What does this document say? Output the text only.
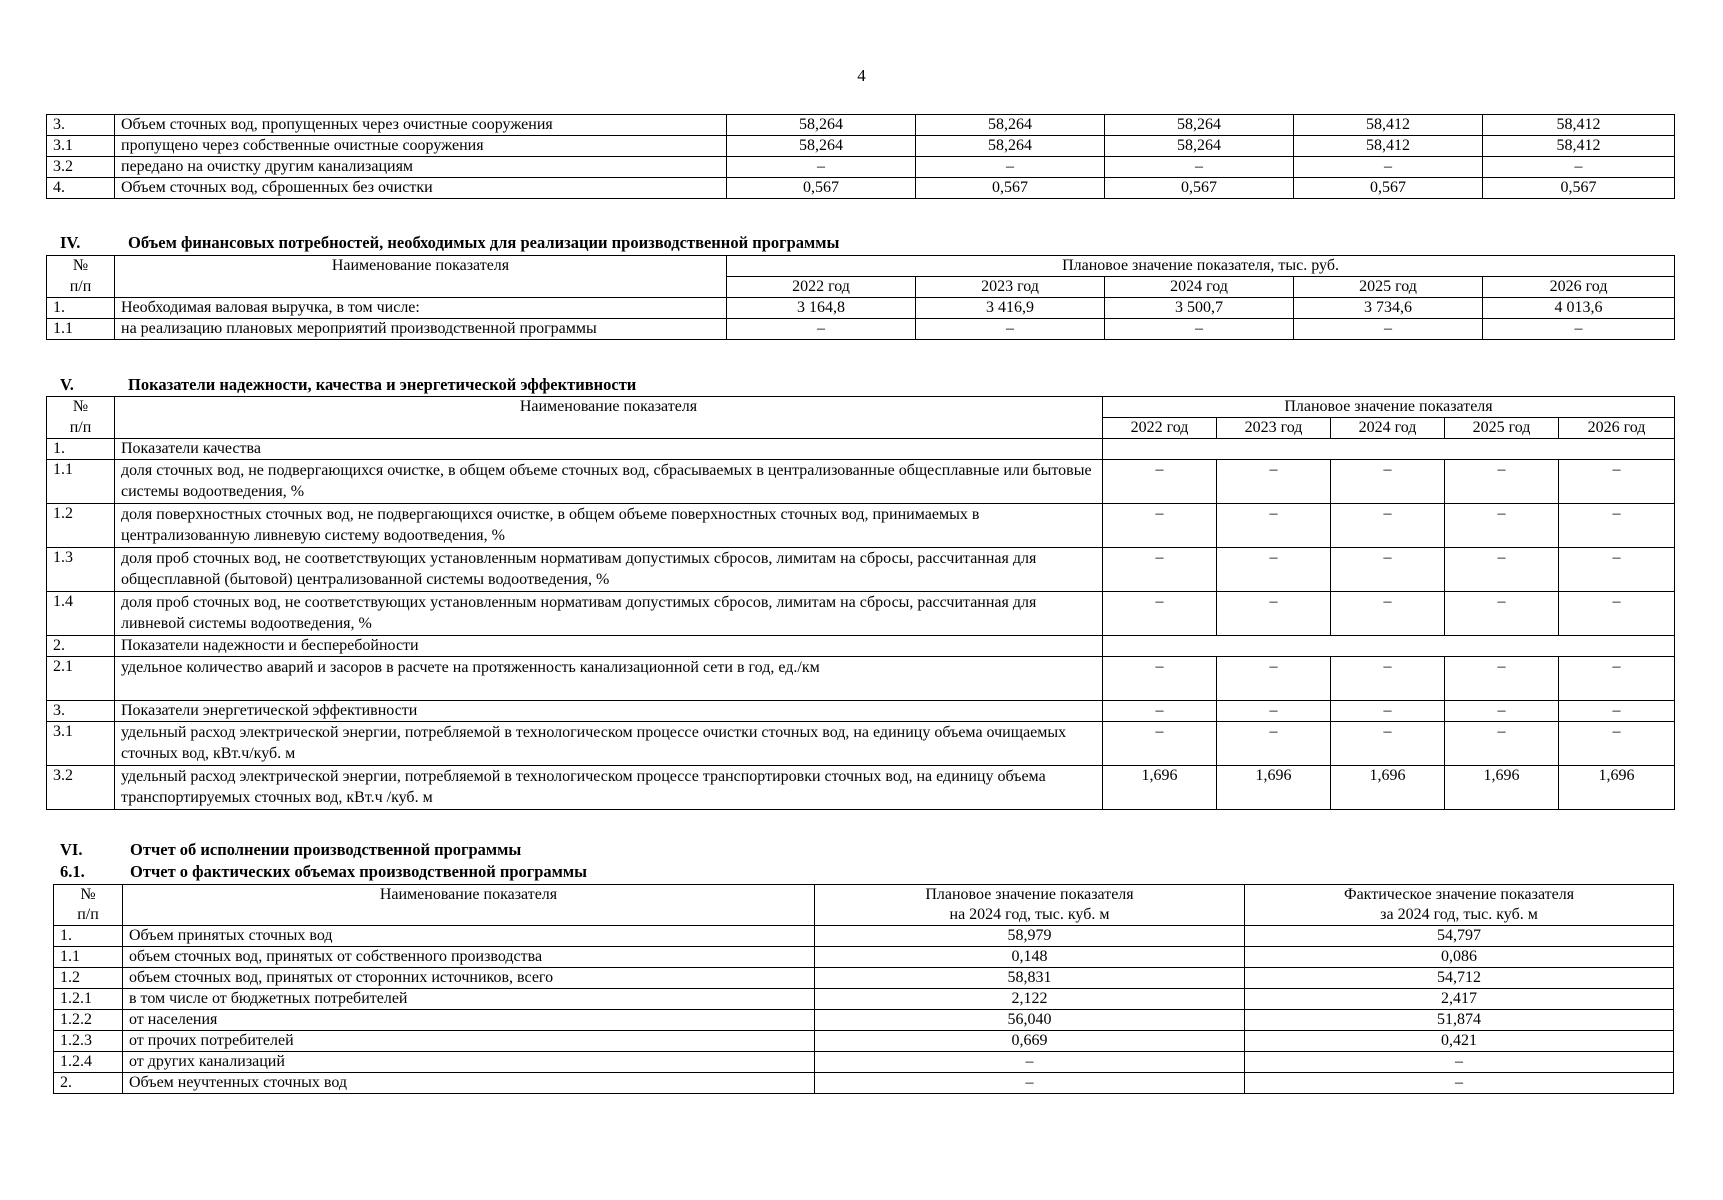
4
3.	Объем сточных вод, пропущенных через очистные сооружения	58,264	58,264	58,264	58,412	58,412
3.1	пропущено через собственные очистные сооружения	58,264	58,264	58,264	58,412	58,412
3.2	передано на очистку другим канализациям	–	–	–	–	–
4.	Объем сточных вод, сброшенных без очистки	0,567	0,567	0,567	0,567	0,567
IV.	Объем финансовых потребностей, необходимых для реализации производственной программы
№	Наименование показателя	Плановое значение показателя, тыс. руб.				
п/п		2022 год	2023 год	2024 год	2025 год	2026 год
1.	Необходимая валовая выручка, в том числе:	3 164,8	3 416,9	3 500,7	3 734,6	4 013,6
1.1	на реализацию плановых мероприятий производственной программы	–	–	–	–	–
V.	Показатели надежности, качества и энергетической эффективности
№	Наименование показателя	Плановое значение показателя				
п/п		2022 год	2023 год	2024 год	2025 год	2026 год
1.	Показатели качества					
1.1	доля сточных вод, не подвергающихся очистке, в общем объеме сточных вод, сбрасываемых в централизованные общесплавные или бытовые системы водоотведения, %	–	–	–	–	–
1.2	доля поверхностных сточных вод, не подвергающихся очистке, в общем объеме поверхностных сточных вод, принимаемых в централизованную ливневую систему водоотведения, %	–	–	–	–	–
1.3	доля проб сточных вод, не соответствующих установленным нормативам допустимых сбросов, лимитам на сбросы, рассчитанная для общесплавной (бытовой) централизованной системы водоотведения, %	–	–	–	–	–
1.4	доля проб сточных вод, не соответствующих установленным нормативам допустимых сбросов, лимитам на сбросы, рассчитанная для ливневой системы водоотведения, %	–	–	–	–	–
2.	Показатели надежности и бесперебойности					
2.1	удельное количество аварий и засоров в расчете на протяженность канализационной сети в год, ед./км	–	–	–	–	–
3.	Показатели энергетической эффективности	–	–	–	–	–
3.1	удельный расход электрической энергии, потребляемой в технологическом процессе очистки сточных вод, на единицу объема очищаемых сточных вод, кВт.ч/куб. м	–	–	–	–	–
3.2	удельный расход электрической энергии, потребляемой в технологическом процессе транспортировки сточных вод, на единицу объема транспортируемых сточных вод, кВт.ч /куб. м	1,696	1,696	1,696	1,696	1,696
VI.	Отчет об исполнении производственной программы
6.1.	Отчет о фактических объемах производственной программы
№	Наименование показателя	Плановое значение показателя	Фактическое значение показателя
п/п		на 2024 год, тыс. куб. м	за 2024 год, тыс. куб. м
1.	Объем принятых сточных вод	58,979	54,797
1.1	объем сточных вод, принятых от собственного производства	0,148	0,086
1.2	объем сточных вод, принятых от сторонних источников, всего	58,831	54,712
1.2.1	в том числе от бюджетных потребителей	2,122	2,417
1.2.2	от населения	56,040	51,874
1.2.3	от прочих потребителей	0,669	0,421
1.2.4	от других канализаций	–	–
2.	Объем неучтенных сточных вод	–	–
